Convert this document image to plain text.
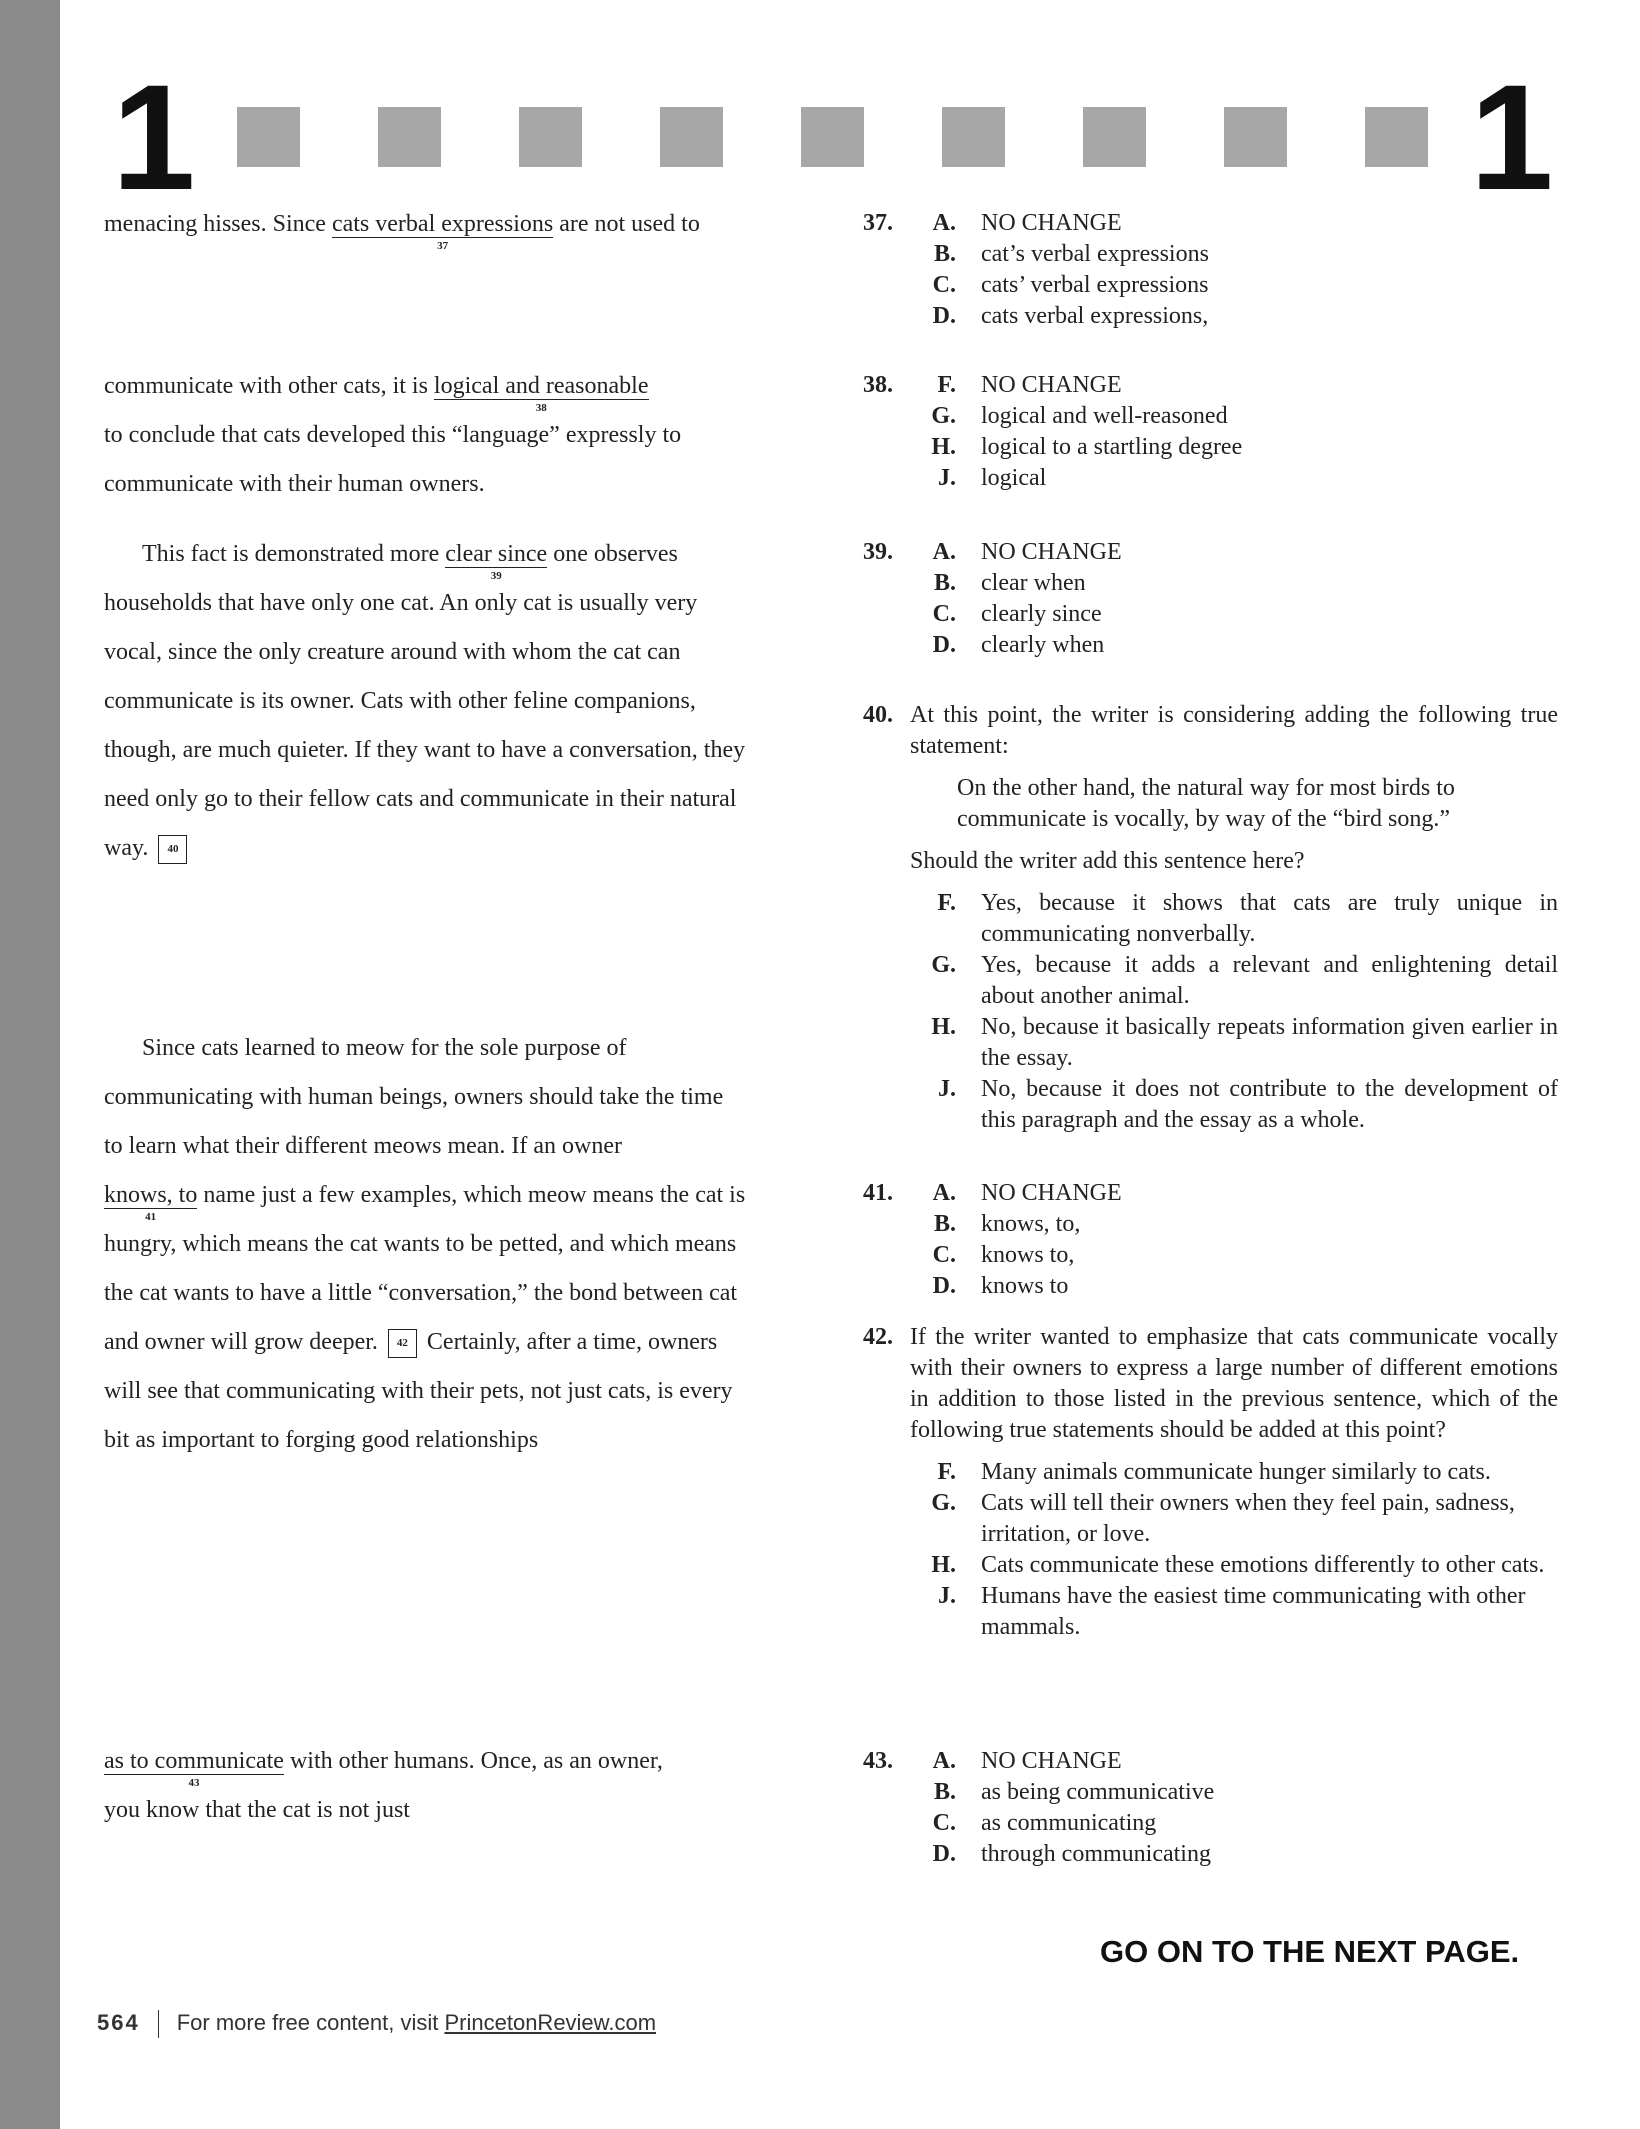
1	1
menacing hisses. Since cats verbal expressions
37
are not used to
communicate with other cats, it is logical and reasonable
38
to conclude that cats developed this “language” expressly to
communicate with their human owners.
This fact is demonstrated more clear since
39
one observes
households that have only one cat. An only cat is usually very
vocal, since the only creature around with whom the cat can
communicate is its owner. Cats with other feline companions,
though, are much quieter. If they want to have a conversation, they
need only go to their fellow cats and communicate in their natural
way. 40
Since cats learned to meow for the sole purpose of
communicating with human beings, owners should take the time
to learn what their different meows mean. If an owner
knows, to
41
name just a few examples, which meow means the cat is
hungry, which means the cat wants to be petted, and which means
the cat wants to have a little “conversation,” the bond between cat
and owner will grow deeper. 42 Certainly, after a time, owners
will see that communicating with their pets, not just cats, is every
bit as important to forging good relationships
as to communicate
43
with other humans. Once, as an owner,
you know that the cat is not just
37.	A. NO CHANGE
B. cat’s verbal expressions
C. cats’ verbal expressions
D. cats verbal expressions,
38.	F. NO CHANGE
G. logical and well-reasoned
H. logical to a startling degree
J. logical
39.	A. NO CHANGE
B. clear when
C. clearly since
D. clearly when
40. At this point, the writer is considering adding the following true statement:
On the other hand, the natural way for most birds to communicate is vocally, by way of the “bird song.”
Should the writer add this sentence here?
F. Yes, because it shows that cats are truly unique in communicating nonverbally.
G. Yes, because it adds a relevant and enlightening detail about another animal.
H. No, because it basically repeats information given earlier in the essay.
J. No, because it does not contribute to the development of this paragraph and the essay as a whole.
41.	A. NO CHANGE
B. knows, to,
C. knows to,
D. knows to
42. If the writer wanted to emphasize that cats communicate vocally with their owners to express a large number of different emotions in addition to those listed in the previous sentence, which of the following true statements should be added at this point?
F. Many animals communicate hunger similarly to cats.
G. Cats will tell their owners when they feel pain, sadness, irritation, or love.
H. Cats communicate these emotions differently to other cats.
J. Humans have the easiest time communicating with other mammals.
43.	A. NO CHANGE
B. as being communicative
C. as communicating
D. through communicating
GO ON TO THE NEXT PAGE.
564 For more free content, visit PrincetonReview.com
